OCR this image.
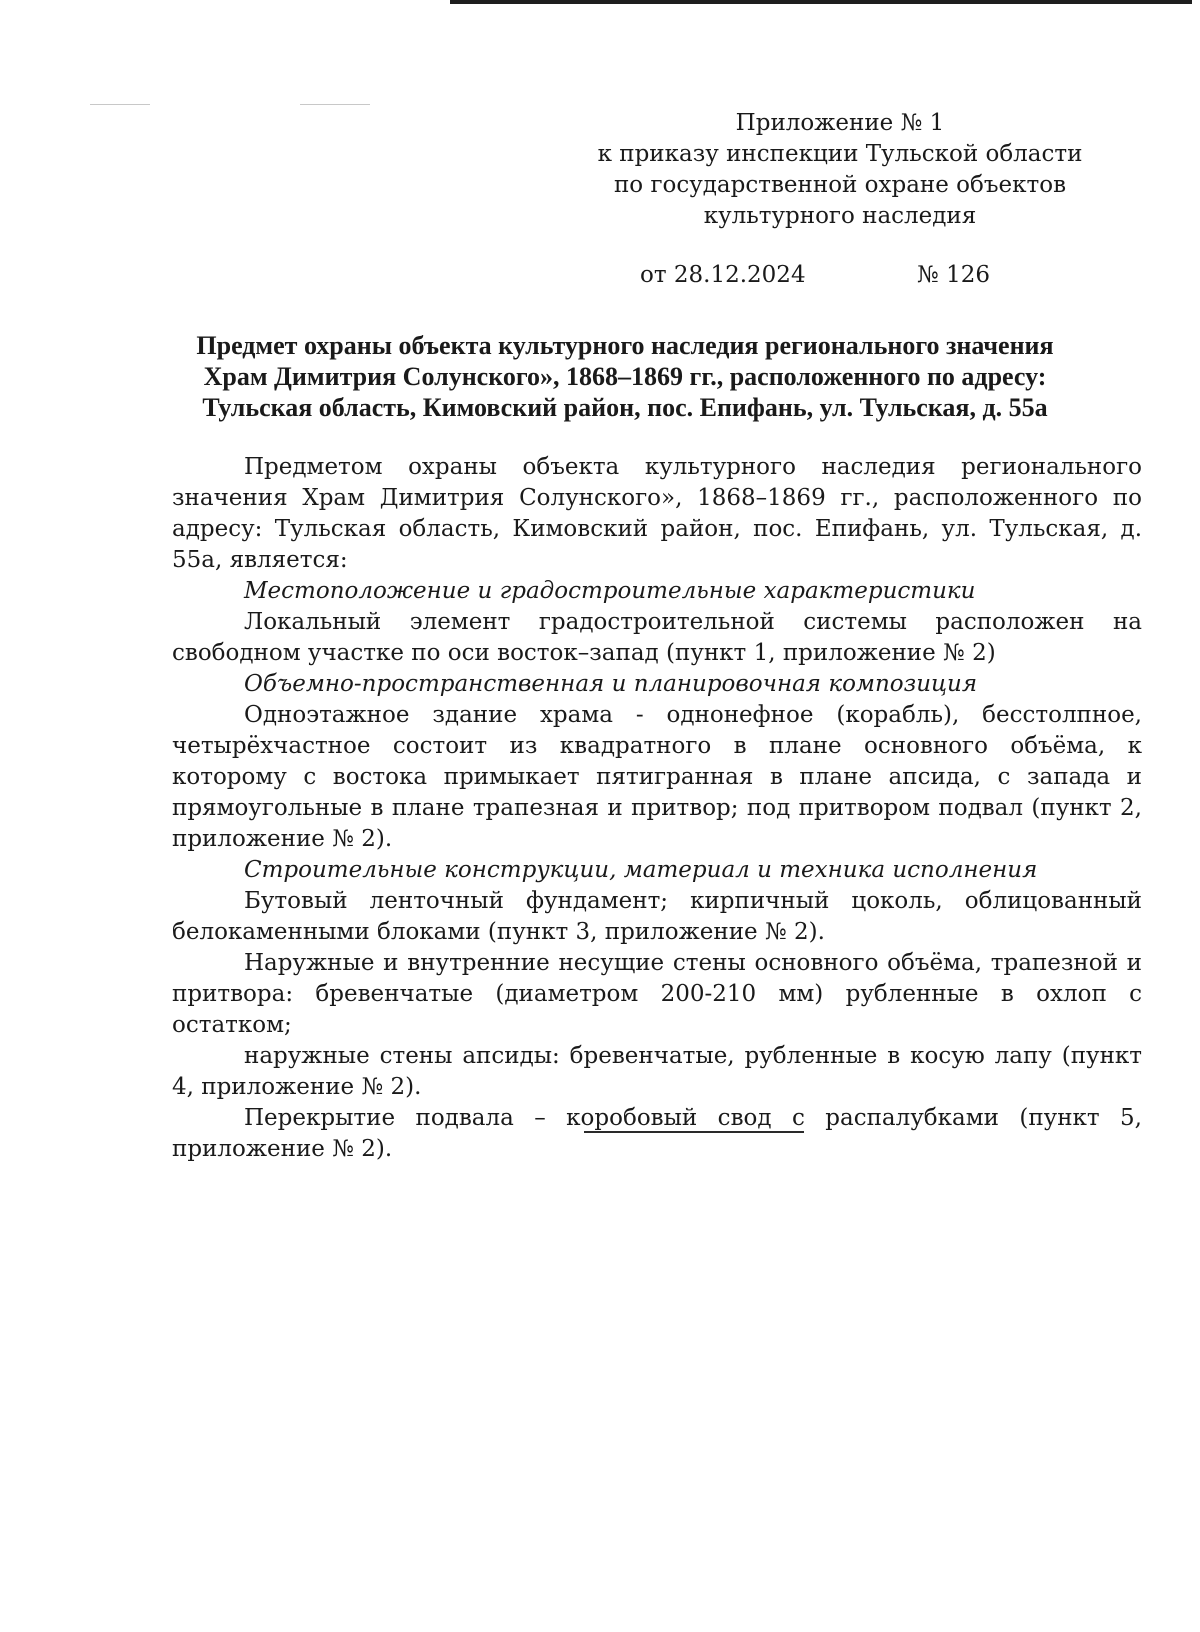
Приложение № 1
к приказу инспекции Тульской области
по государственной охране объектов
культурного наследия
от 28.12.2024	№ 126
Предмет охраны объекта культурного наследия регионального значения
Храм Димитрия Солунского», 1868–1869 гг., расположенного по адресу:
Тульская область, Кимовский район, пос. Епифань, ул. Тульская, д. 55а

Предметом охраны объекта культурного наследия регионального значения Храм Димитрия Солунского», 1868–1869 гг., расположенного по адресу: Тульская область, Кимовский район, пос. Епифань, ул. Тульская, д. 55а, является:

Местоположение и градостроительные характеристики

Локальный элемент градостроительной системы расположен на свободном участке по оси восток–запад (пункт 1, приложение № 2)

Объемно-пространственная и планировочная композиция

Одноэтажное здание храма - однонефное (корабль), бесстолпное, четырёхчастное состоит из квадратного в плане основного объёма, к которому с востока примыкает пятигранная в плане апсида, с запада и прямоугольные в плане трапезная и притвор; под притвором подвал (пункт 2, приложение № 2).

Строительные конструкции, материал и техника исполнения

Бутовый ленточный фундамент; кирпичный цоколь, облицованный белокаменными блоками (пункт 3, приложение № 2).

Наружные и внутренние несущие стены основного объёма, трапезной и притвора: бревенчатые (диаметром 200-210 мм) рубленные в охлоп с остатком;

наружные стены апсиды: бревенчатые, рубленные в косую лапу (пункт 4, приложение № 2).

Перекрытие подвала – коробовый свод с распалубками (пункт 5, приложение № 2).
